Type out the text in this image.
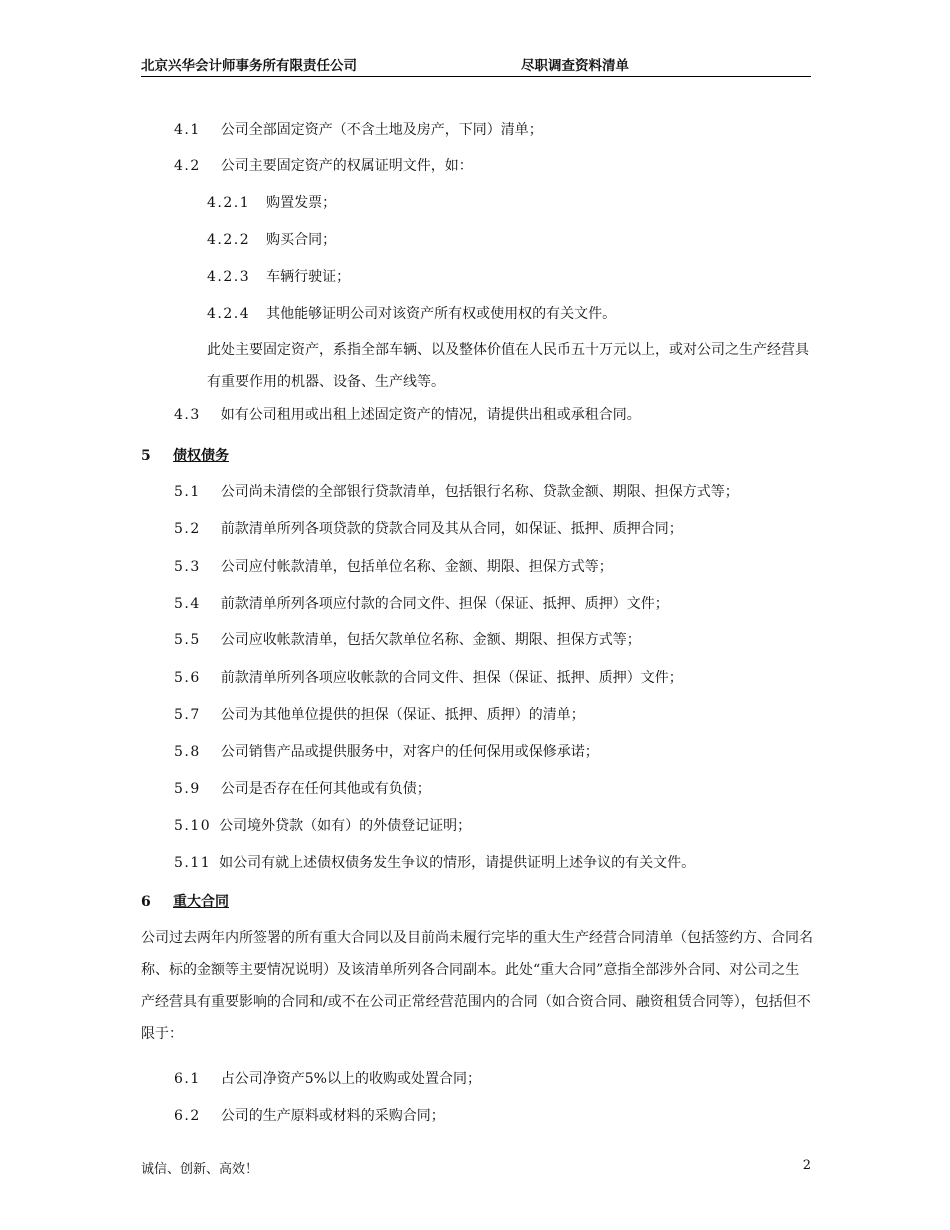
北京兴华会计师事务所有限责任公司	尽职调查资料清单
4.1 公司全部固定资产（不含土地及房产，下同）清单；
4.2 公司主要固定资产的权属证明文件，如：
4.2.1 购置发票；
4.2.2 购买合同；
4.2.3 车辆行驶证；
4.2.4 其他能够证明公司对该资产所有权或使用权的有关文件。
此处主要固定资产，系指全部车辆、以及整体价值在人民币五十万元以上，或对公司之生产经营具有重要作用的机器、设备、生产线等。
4.3 如有公司租用或出租上述固定资产的情况，请提供出租或承租合同。
5 债权债务
5.1 公司尚未清偿的全部银行贷款清单，包括银行名称、贷款金额、期限、担保方式等；
5.2 前款清单所列各项贷款的贷款合同及其从合同，如保证、抵押、质押合同；
5.3 公司应付帐款清单，包括单位名称、金额、期限、担保方式等；
5.4 前款清单所列各项应付款的合同文件、担保（保证、抵押、质押）文件；
5.5 公司应收帐款清单，包括欠款单位名称、金额、期限、担保方式等；
5.6 前款清单所列各项应收帐款的合同文件、担保（保证、抵押、质押）文件；
5.7 公司为其他单位提供的担保（保证、抵押、质押）的清单；
5.8 公司销售产品或提供服务中，对客户的任何保用或保修承诺；
5.9 公司是否存在任何其他或有负债；
5.10 公司境外贷款（如有）的外债登记证明；
5.11 如公司有就上述债权债务发生争议的情形，请提供证明上述争议的有关文件。
6 重大合同
公司过去两年内所签署的所有重大合同以及目前尚未履行完毕的重大生产经营合同清单（包括签约方、合同名称、标的金额等主要情况说明）及该清单所列各合同副本。此处“重大合同”意指全部涉外合同、对公司之生产经营具有重要影响的合同和/或不在公司正常经营范围内的合同（如合资合同、融资租赁合同等），包括但不限于：
6.1 占公司净资产5%以上的收购或处置合同；
6.2 公司的生产原料或材料的采购合同；
诚信、创新、高效！	2
